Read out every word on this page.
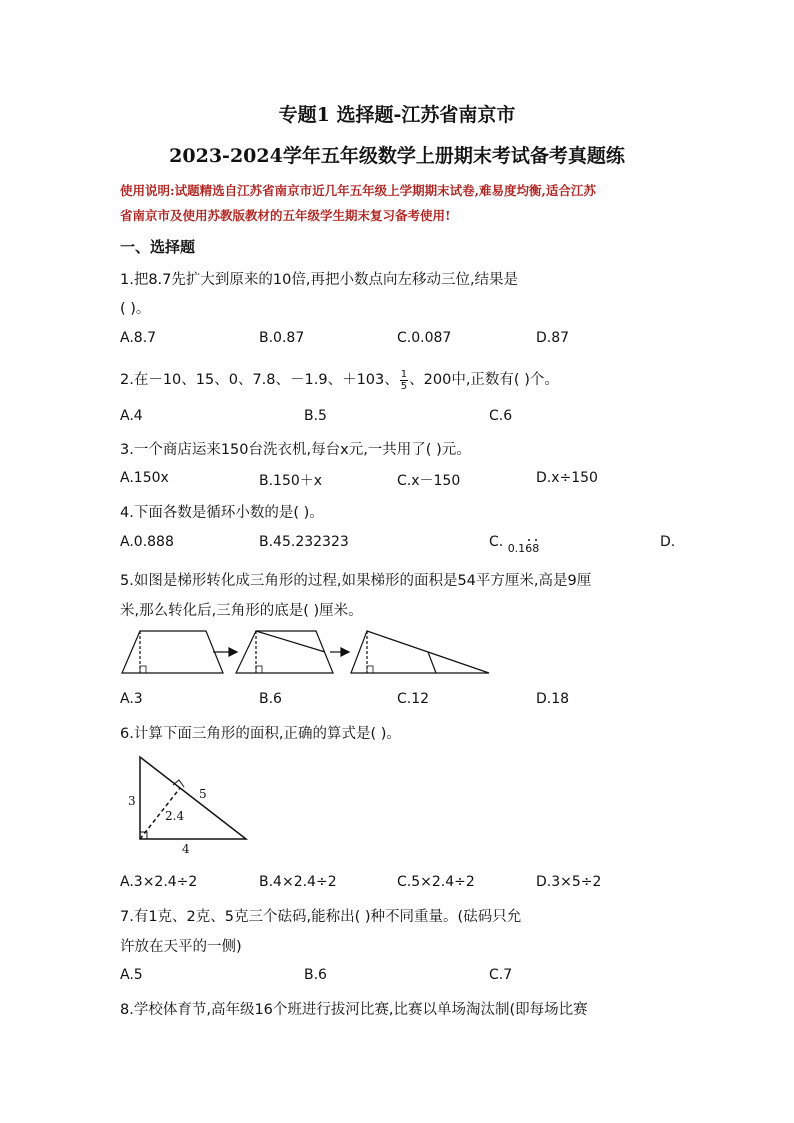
专题1 选择题-江苏省南京市
2023-2024学年五年级数学上册期末考试备考真题练
使用说明:试题精选自江苏省南京市近几年五年级上学期期末试卷,难易度均衡,适合江苏
省南京市及使用苏教版教材的五年级学生期末复习备考使用!
一、选择题
1.把8.7先扩大到原来的10倍,再把小数点向左移动三位,结果是
( )。
A.8.7	B.0.87	C.0.087	D.87
2.在－10、15、0、7.8、－1.9、＋103、 $\frac{1}{5}$ 、200中,正数有( )个。
A.4	B.5	C.6
3.一个商店运来150台洗衣机,每台x元,一共用了( )元。
A.150x	B.150＋x	C.x－150	D.x÷150
4.下面各数是循环小数的是( )。
A.0.888	B.45.232323	C. $_{0.168}$	D.
5.如图是梯形转化成三角形的过程,如果梯形的面积是54平方厘米,高是9厘
米,那么转化后,三角形的底是( )厘米。
A.3	B.6	C.12	D.18
6.计算下面三角形的面积,正确的算式是( )。
3	5
2.4
4
A.3×2.4÷2	B.4×2.4÷2	C.5×2.4÷2	D.3×5÷2
7.有1克、2克、5克三个砝码,能称出( )种不同重量。(砝码只允
许放在天平的一侧)
A.5	B.6	C.7
8.学校体育节,高年级16个班进行拔河比赛,比赛以单场淘汰制(即每场比赛
